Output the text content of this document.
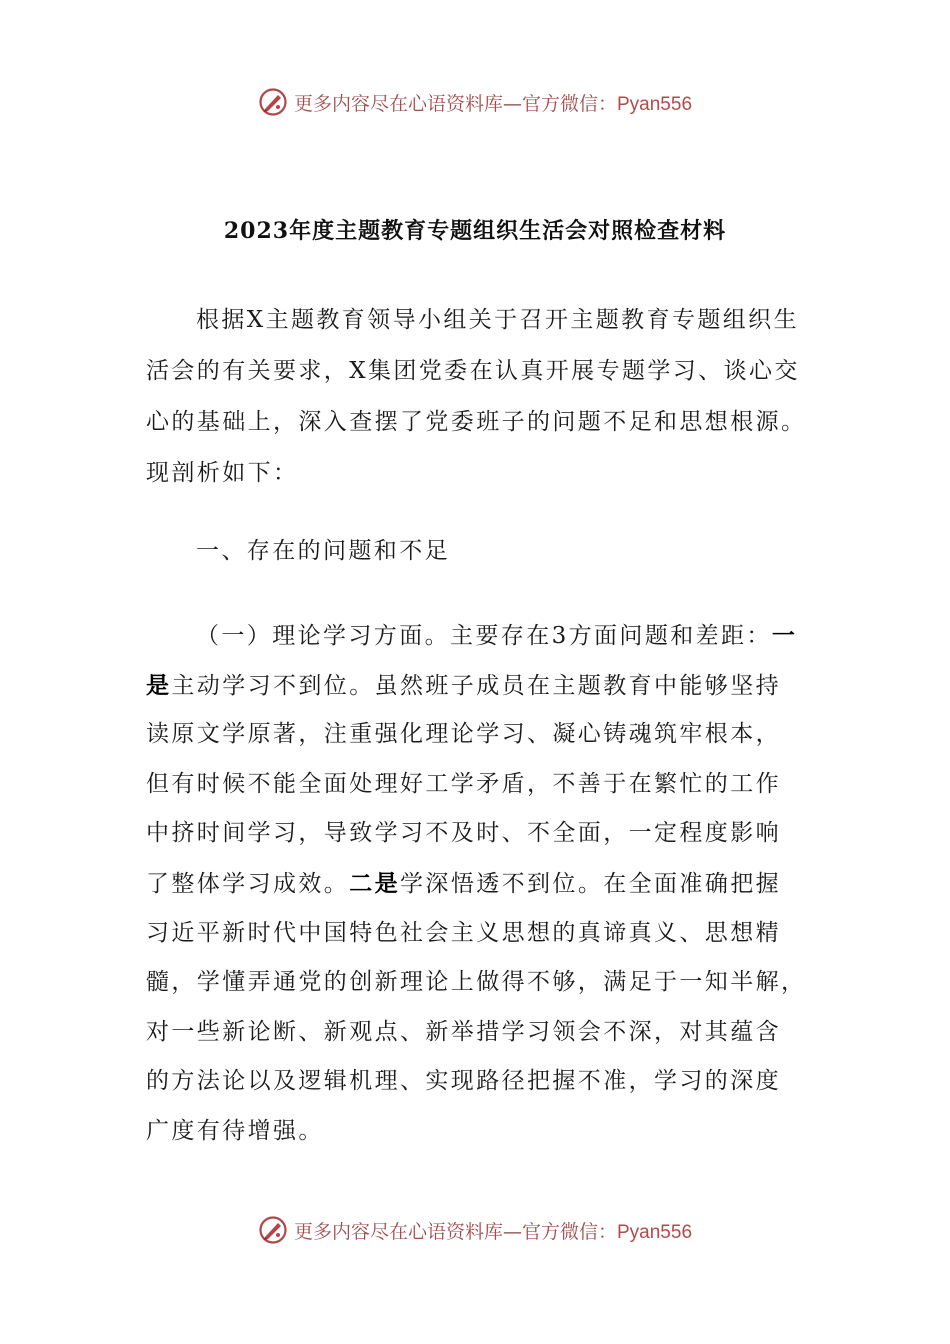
更多内容尽在心语资料库—官方微信：Pyan556
2023年度主题教育专题组织生活会对照检查材料
根据X主题教育领导小组关于召开主题教育专题组织生
活会的有关要求，X集团党委在认真开展专题学习、谈心交
心的基础上，深入查摆了党委班子的问题不足和思想根源。
现剖析如下：
一、存在的问题和不足
（一）理论学习方面。主要存在3方面问题和差距：一
是主动学习不到位。虽然班子成员在主题教育中能够坚持
读原文学原著，注重强化理论学习、凝心铸魂筑牢根本，
但有时候不能全面处理好工学矛盾，不善于在繁忙的工作
中挤时间学习，导致学习不及时、不全面，一定程度影响
了整体学习成效。二是学深悟透不到位。在全面准确把握
习近平新时代中国特色社会主义思想的真谛真义、思想精
髓，学懂弄通党的创新理论上做得不够，满足于一知半解，
对一些新论断、新观点、新举措学习领会不深，对其蕴含
的方法论以及逻辑机理、实现路径把握不准，学习的深度
广度有待增强。
更多内容尽在心语资料库—官方微信：Pyan556
